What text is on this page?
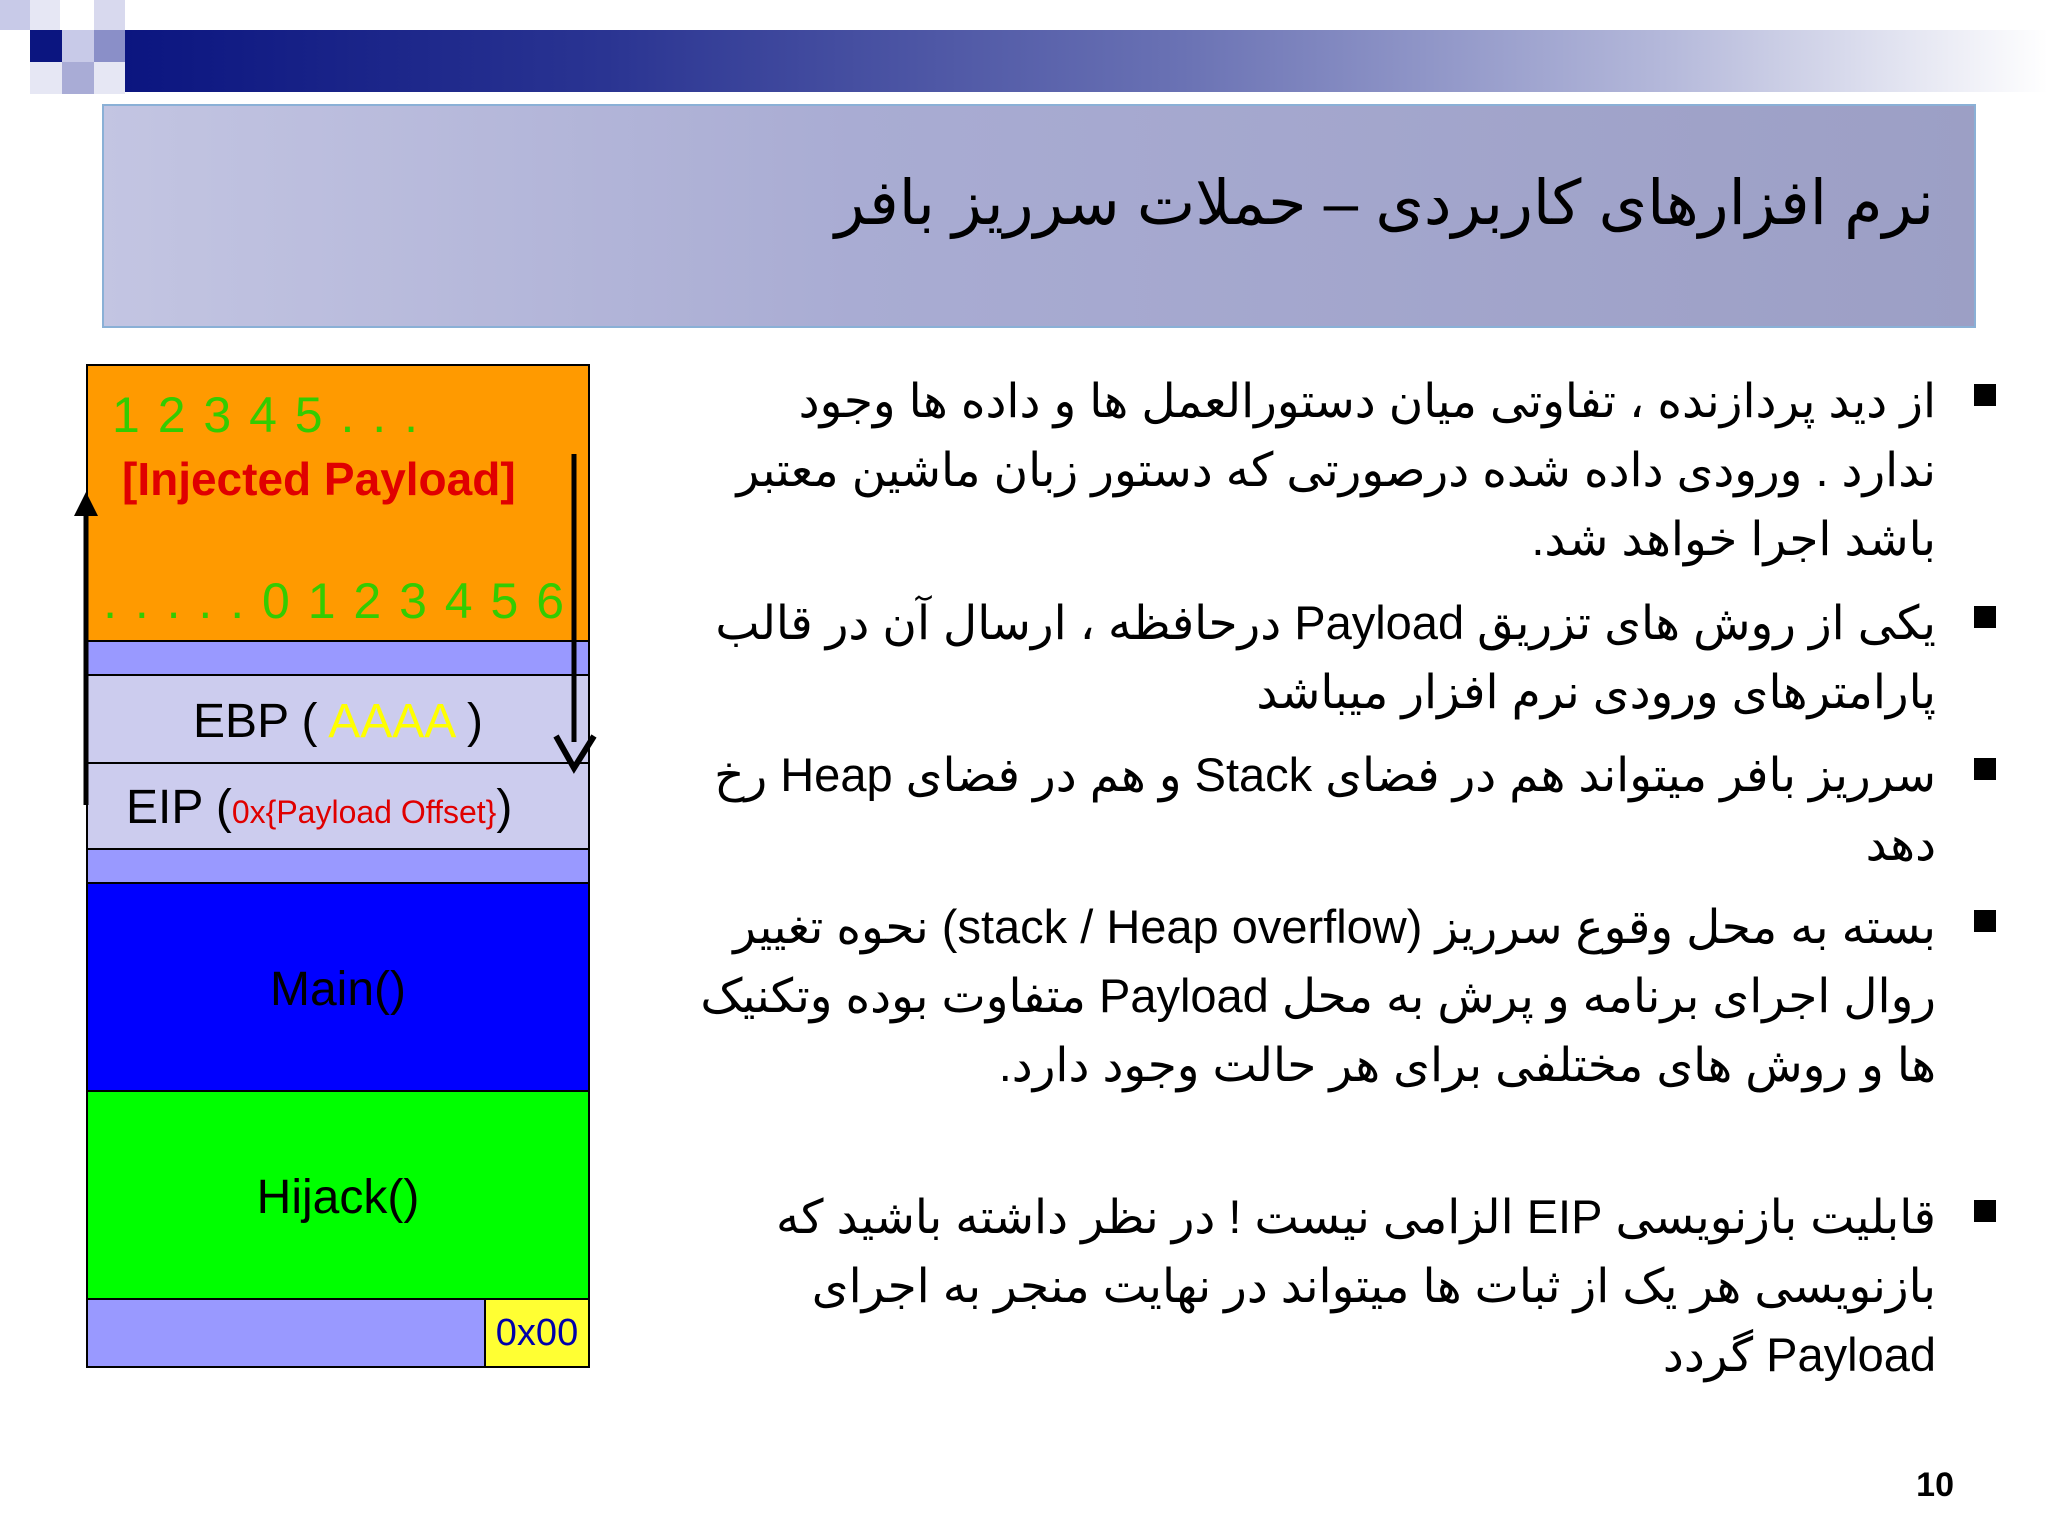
نرم افزارهای کاربردی – حملات سرریز بافر
1 2 3 4 5 . . .
[Injected Payload]
. . . . . 0 1 2 3 4 5 6
EBP ( AAAA )
EIP (0x{Payload Offset})
Main()
Hijack()
0x00

از دید پردازنده ، تفاوتی میان دستورالعمل ها و داده ها وجود ندارد . ورودی داده شده درصورتی که دستور زبان ماشین معتبر باشد اجرا خواهد شد.

یکی از روش های تزریق Payload درحافظه ، ارسال آن در قالب پارامترهای ورودی نرم افزار میباشد

سرریز بافر میتواند هم در فضای Stack و هم در فضای Heap رخ دهد

بسته به محل وقوع سرریز (stack / Heap overflow) نحوه تغییر روال اجرای برنامه و پرش به محل Payload متفاوت بوده وتکنیک ها و روش های مختلفی برای هر حالت وجود دارد.

قابلیت بازنویسی EIP الزامی نیست ! در نظر داشته باشید که بازنویسی هر یک از ثبات ها میتواند در نهایت منجر به اجرای Payload گردد

10
